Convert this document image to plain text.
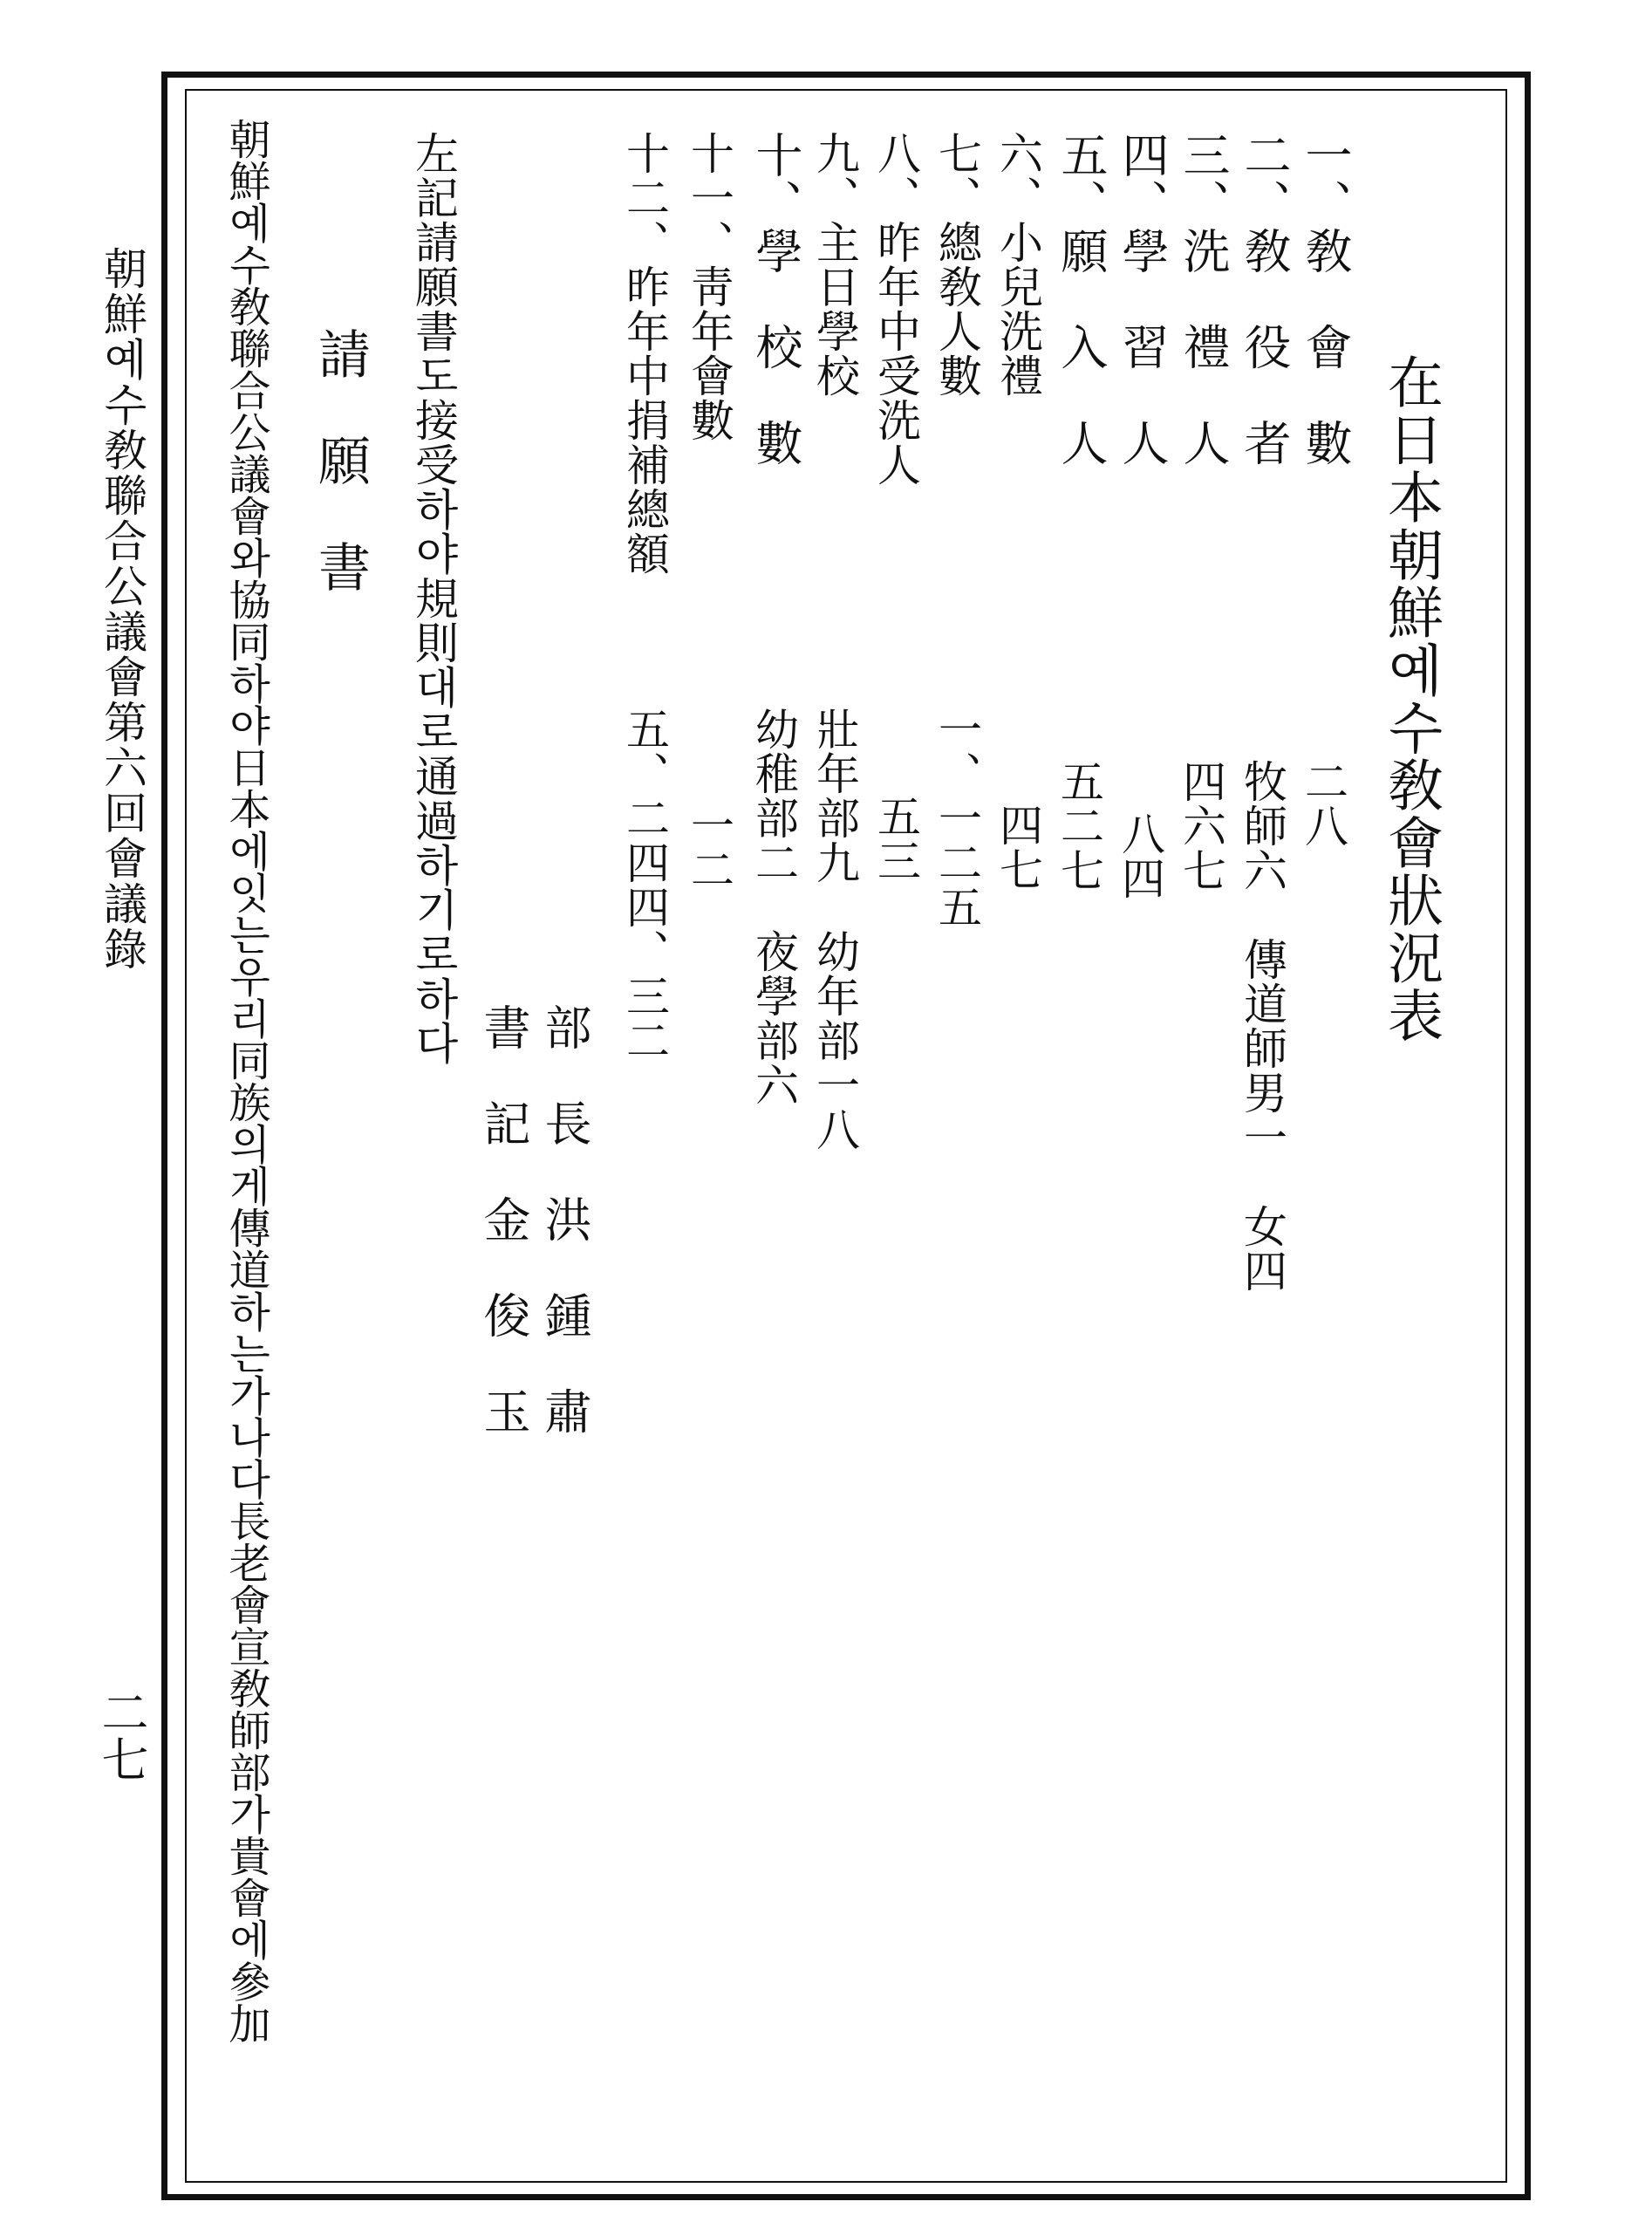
在日本朝鮮예수敎會狀況表
一、敎　會　數
二、敎　役　者
三、洗　禮　人
四、學　習　人
五、願　入　人
六、小兒洗禮
七、總敎人數
八、昨年中受洗人
九、主日學校
十、學　校　數
十一、靑年會數
十二、昨年中捐補總額
二八
牧師六　傳道師男一　女四
四六七
八四
五二七
四七
一、一二五
五三
壯年部九　幼年部一八
幼稚部二　夜學部六
一二
五、二四四、三二
部　長　洪　鍾　肅
書　記　金　俊　玉
左記請願書도接受하야規則대로通過하기로하다
請　願　書
朝鮮예수敎聯合公議會와協同하야日本에잇는우리同族의게傳道하는가나다長老會宣敎師部가貴會에參加
朝鮮예수敎聯合公議會第六回會議錄
二七
